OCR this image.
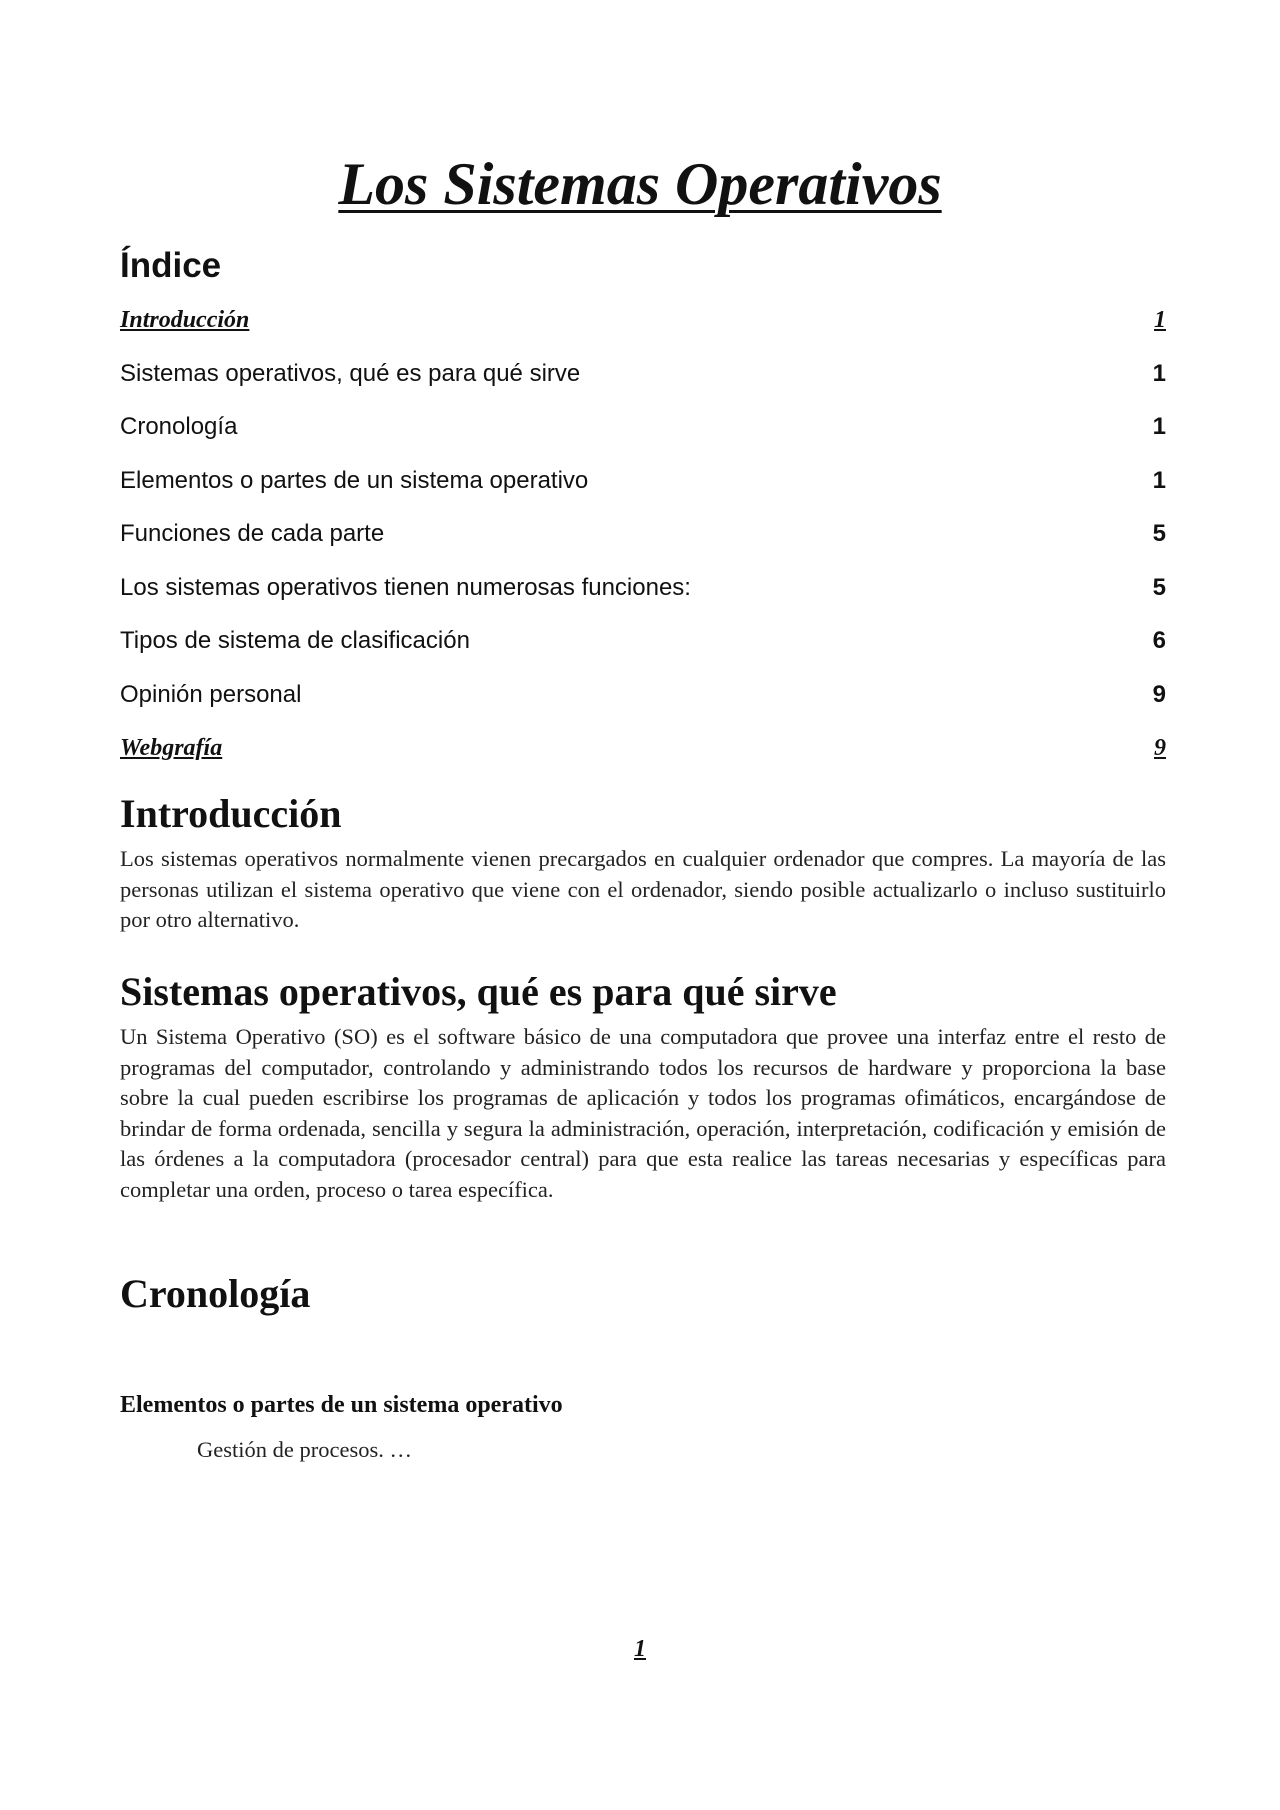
Los Sistemas Operativos
Índice
Introducción	1
Sistemas operativos, qué es para qué sirve	1
Cronología	1
Elementos o partes de un sistema operativo	1
Funciones de cada parte	5
Los sistemas operativos tienen numerosas funciones:	5
Tipos de sistema de clasificación	6
Opinión personal	9
Webgrafía	9
Introducción

Los sistemas operativos normalmente vienen precargados en cualquier ordenador que compres. La mayoría de las personas utilizan el sistema operativo que viene con el ordenador, siendo posible actualizarlo o incluso sustituirlo por otro alternativo.

Sistemas operativos, qué es para qué sirve

Un Sistema Operativo (SO) es el software básico de una computadora que provee una interfaz entre el resto de programas del computador, controlando y administrando todos los recursos de hardware y proporciona la base sobre la cual pueden escribirse los programas de aplicación y todos los programas ofimáticos, encargándose de brindar de forma ordenada, sencilla y segura la administración, operación, interpretación, codificación y emisión de las órdenes a la computadora (procesador central) para que esta realice las tareas necesarias y específicas para completar una orden, proceso o tarea específica.

Cronología
Elementos o partes de un sistema operativo

Gestión de procesos. …

1
